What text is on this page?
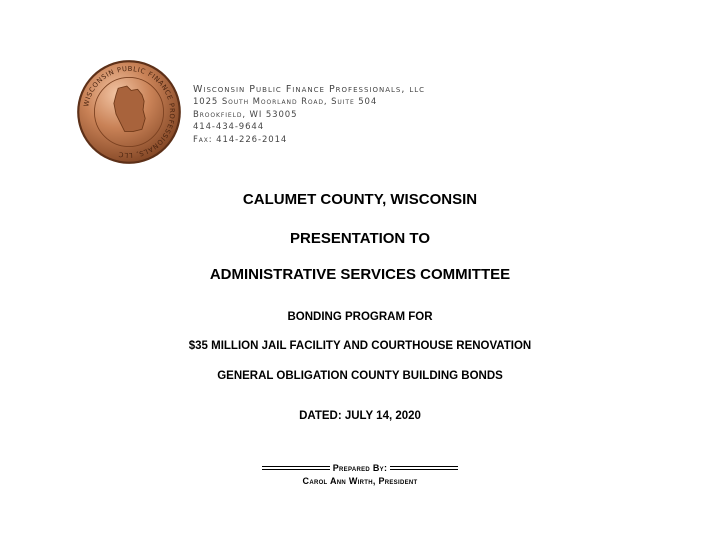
WISCONSIN PUBLIC FINANCE PROFESSIONALS, LLC
Wisconsin Public Finance Professionals, llc
1025 South Moorland Road, Suite 504
Brookfield, WI 53005
414-434-9644
Fax: 414-226-2014
CALUMET COUNTY, WISCONSIN
PRESENTATION TO
ADMINISTRATIVE SERVICES COMMITTEE
BONDING PROGRAM FOR
$35 MILLION JAIL FACILITY AND COURTHOUSE RENOVATION
GENERAL OBLIGATION COUNTY BUILDING BONDS
DATED: JULY 14, 2020
Prepared By:
Carol Ann Wirth, President
